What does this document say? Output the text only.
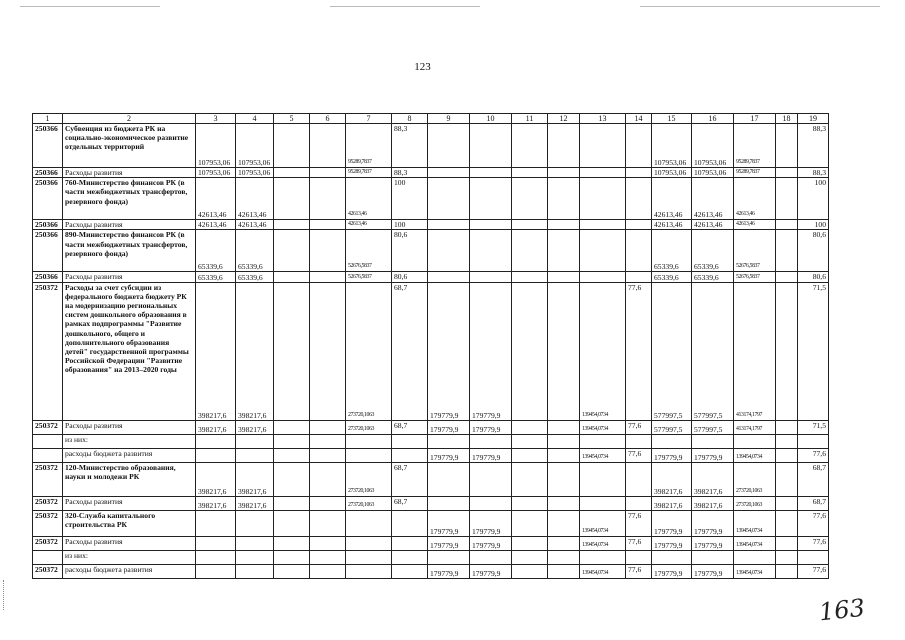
123
1	2	3	4	5	6	7	8	9	10	11	12	13	14	15	16	17	18	19
250366	Субвенция из бюджета РК на социально-экономическое развитие отдельных территорий	107953,06	107953,06			95289,7837	88,3							107953,06	107953,06	95289,7837		88,3
250366	Расходы развития	107953,06	107953,06			95289,7837	88,3							107953,06	107953,06	95289,7837		88,3
250366	760-Министерство финансов РК (в части межбюджетных трансфертов, резервного фонда)	42613,46	42613,46			42613,46	100							42613,46	42613,46	42613,46		100
250366	Расходы развития	42613,46	42613,46			42613,46	100							42613,46	42613,46	42613,46		100
250366	890-Министерство финансов РК (в части межбюджетных трансфертов, резервного фонда)	65339,6	65339,6			52676,5837	80,6							65339,6	65339,6	52676,5837		80,6
250366	Расходы развития	65339,6	65339,6			52676,5837	80,6							65339,6	65339,6	52676,5837		80,6
250372	Расходы за счет субсидии из федерального бюджета бюджету РК на модернизацию региональных систем дошкольного образования в рамках подпрограммы "Развитие дошкольного, общего и дополнительного образования детей" государственной программы Российской Федерации "Развитие образования" на 2013–2020 годы	398217,6	398217,6			273720,1063	68,7	179779,9	179779,9			139454,0734	77,6	577997,5	577997,5	413174,1797		71,5
250372	Расходы развития	398217,6	398217,6			273720,1063	68,7	179779,9	179779,9			139454,0734	77,6	577997,5	577997,5	413174,1797		71,5
	из них:																	
	расходы бюджета развития							179779,9	179779,9			139454,0734	77,6	179779,9	179779,9	139454,0734		77,6
250372	120-Министерство образования, науки и молодежи РК	398217,6	398217,6			273720,1063	68,7							398217,6	398217,6	273720,1063		68,7
250372	Расходы развития	398217,6	398217,6			273720,1063	68,7							398217,6	398217,6	273720,1063		68,7
250372	320-Служба капитального строительства РК							179779,9	179779,9			139454,0734	77,6	179779,9	179779,9	139454,0734		77,6
250372	Расходы развития							179779,9	179779,9			139454,0734	77,6	179779,9	179779,9	139454,0734		77,6
	из них:																	
250372	расходы бюджета развития							179779,9	179779,9			139454,0734	77,6	179779,9	179779,9	139454,0734		77,6
163
